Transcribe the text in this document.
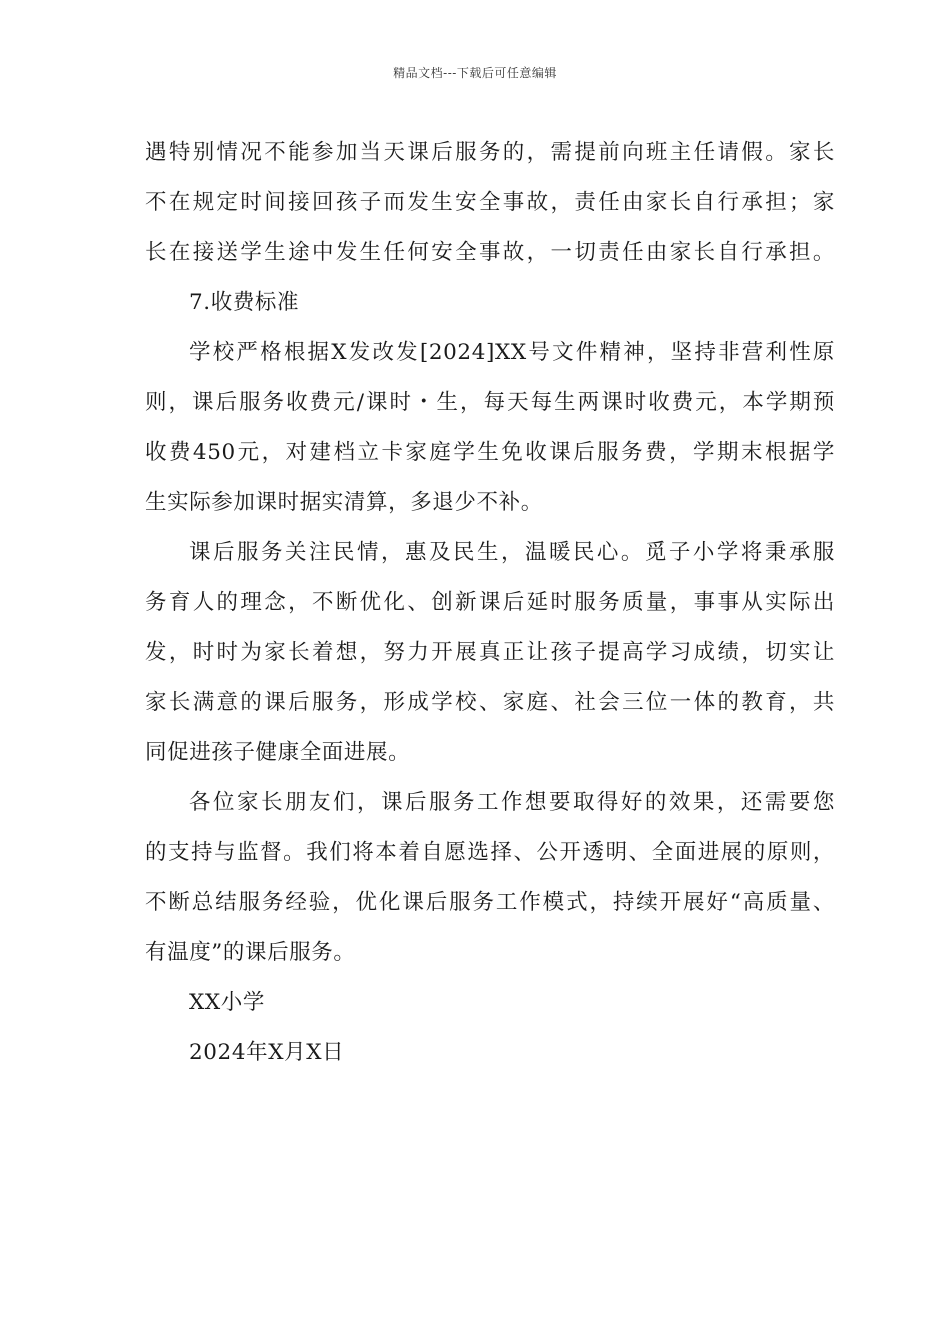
精品文档---下载后可任意编辑
遇特别情况不能参加当天课后服务的，需提前向班主任请假。家长
不在规定时间接回孩子而发生安全事故，责任由家长自行承担；家
长在接送学生途中发生任何安全事故，一切责任由家长自行承担。
7.收费标准
学校严格根据X发改发[2024]XX号文件精神，坚持非营利性原
则，课后服务收费元/课时・生，每天每生两课时收费元，本学期预
收费450元，对建档立卡家庭学生免收课后服务费，学期末根据学
生实际参加课时据实清算，多退少不补。
课后服务关注民情，惠及民生，温暖民心。觅子小学将秉承服
务育人的理念，不断优化、创新课后延时服务质量，事事从实际出
发，时时为家长着想，努力开展真正让孩子提高学习成绩，切实让
家长满意的课后服务，形成学校、家庭、社会三位一体的教育，共
同促进孩子健康全面进展。
各位家长朋友们，课后服务工作想要取得好的效果，还需要您
的支持与监督。我们将本着自愿选择、公开透明、全面进展的原则，
不断总结服务经验，优化课后服务工作模式，持续开展好“高质量、
有温度”的课后服务。
XX小学
2024年X月X日
